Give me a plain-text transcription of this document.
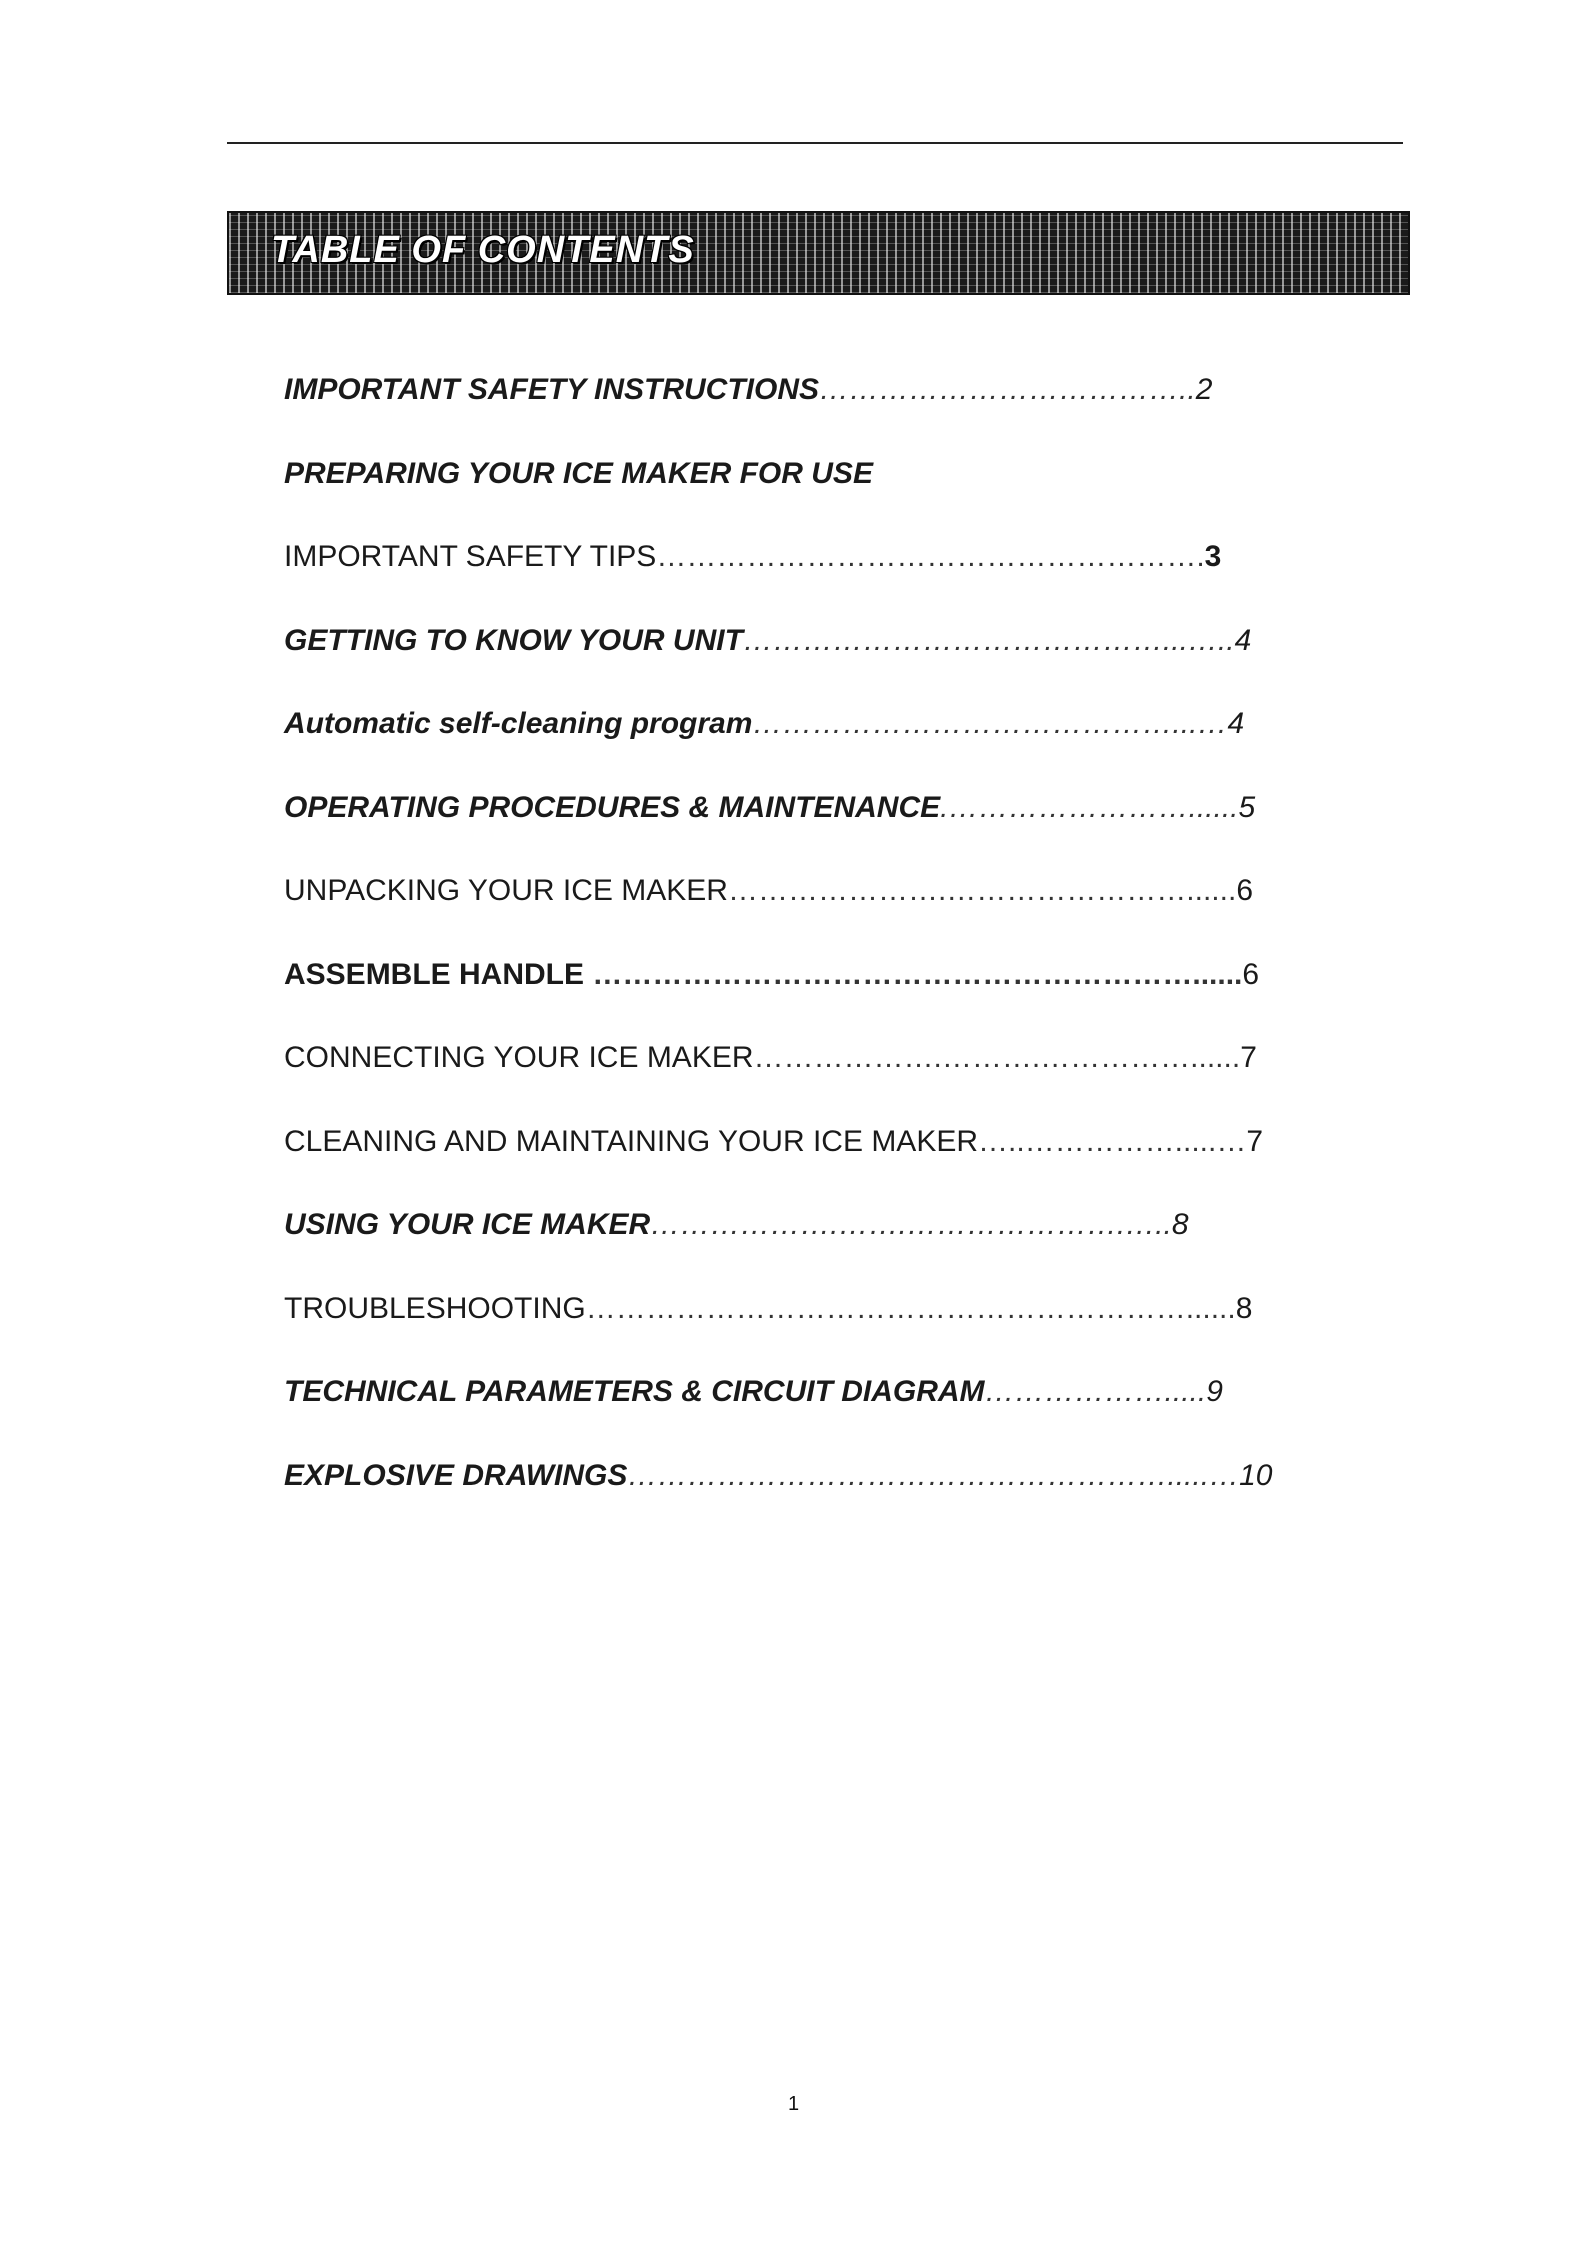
TABLE OF CONTENTS
IMPORTANT SAFETY INSTRUCTIONS………………………………..2
PREPARING YOUR ICE MAKER FOR USE
IMPORTANT SAFETY TIPS……………………………………………….3
GETTING TO KNOW YOUR UNIT……………………………………...…..4
Automatic self-cleaning program……………………………………...…4
OPERATING PROCEDURES & MAINTENANCE.……………………......5
UNPACKING YOUR ICE MAKER………………….……………………......6
ASSEMBLE HANDLE ……………………………………………………......6
CONNECTING YOUR ICE MAKER……………….……….……………......7
CLEANING AND MAINTAINING YOUR ICE MAKER…..…………….....…7
USING YOUR ICE MAKER……………….…….………………….…..8
TROUBLESHOOTING……………………………………………………......8
TECHNICAL PARAMETERS & CIRCUIT DIAGRAM……………….....9
EXPLOSIVE DRAWINGS……………………………………………….....…10
1
